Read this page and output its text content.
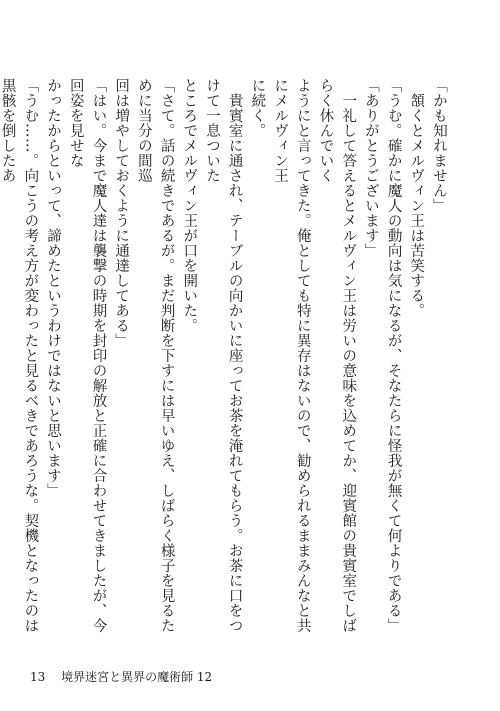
「かも知れません」

　頷くとメルヴィン王は苦笑する。

「うむ。確かに魔人の動向は気になるが、そなたらに怪我が無くて何よりである」

「ありがとうございます」

　一礼して答えるとメルヴィン王は労いの意味を込めてか、迎賓館の貴賓室でしばらく休んでいく

ようにと言ってきた。俺としても特に異存はないので、勧められるままみんなと共にメルヴィン王

に続く。

　貴賓室に通され、テーブルの向かいに座ってお茶を淹れてもらう。お茶に口をつけて一息ついた

ところでメルヴィン王が口を開いた。

「さて。話の続きであるが。まだ判断を下すには早いゆえ、しばらく様子を見るために当分の間巡

回は増やしておくように通達してある」

「はい。今まで魔人達は襲撃の時期を封印の解放と正確に合わせてきましたが、今回姿を見せな

かったからといって、諦めたというわけではないと思います」

「うむ……。向こうの考え方が変わったと見るべきであろうな。契機となったのは黒骸を倒したあ

13 境界迷宮と異界の魔術師 12
